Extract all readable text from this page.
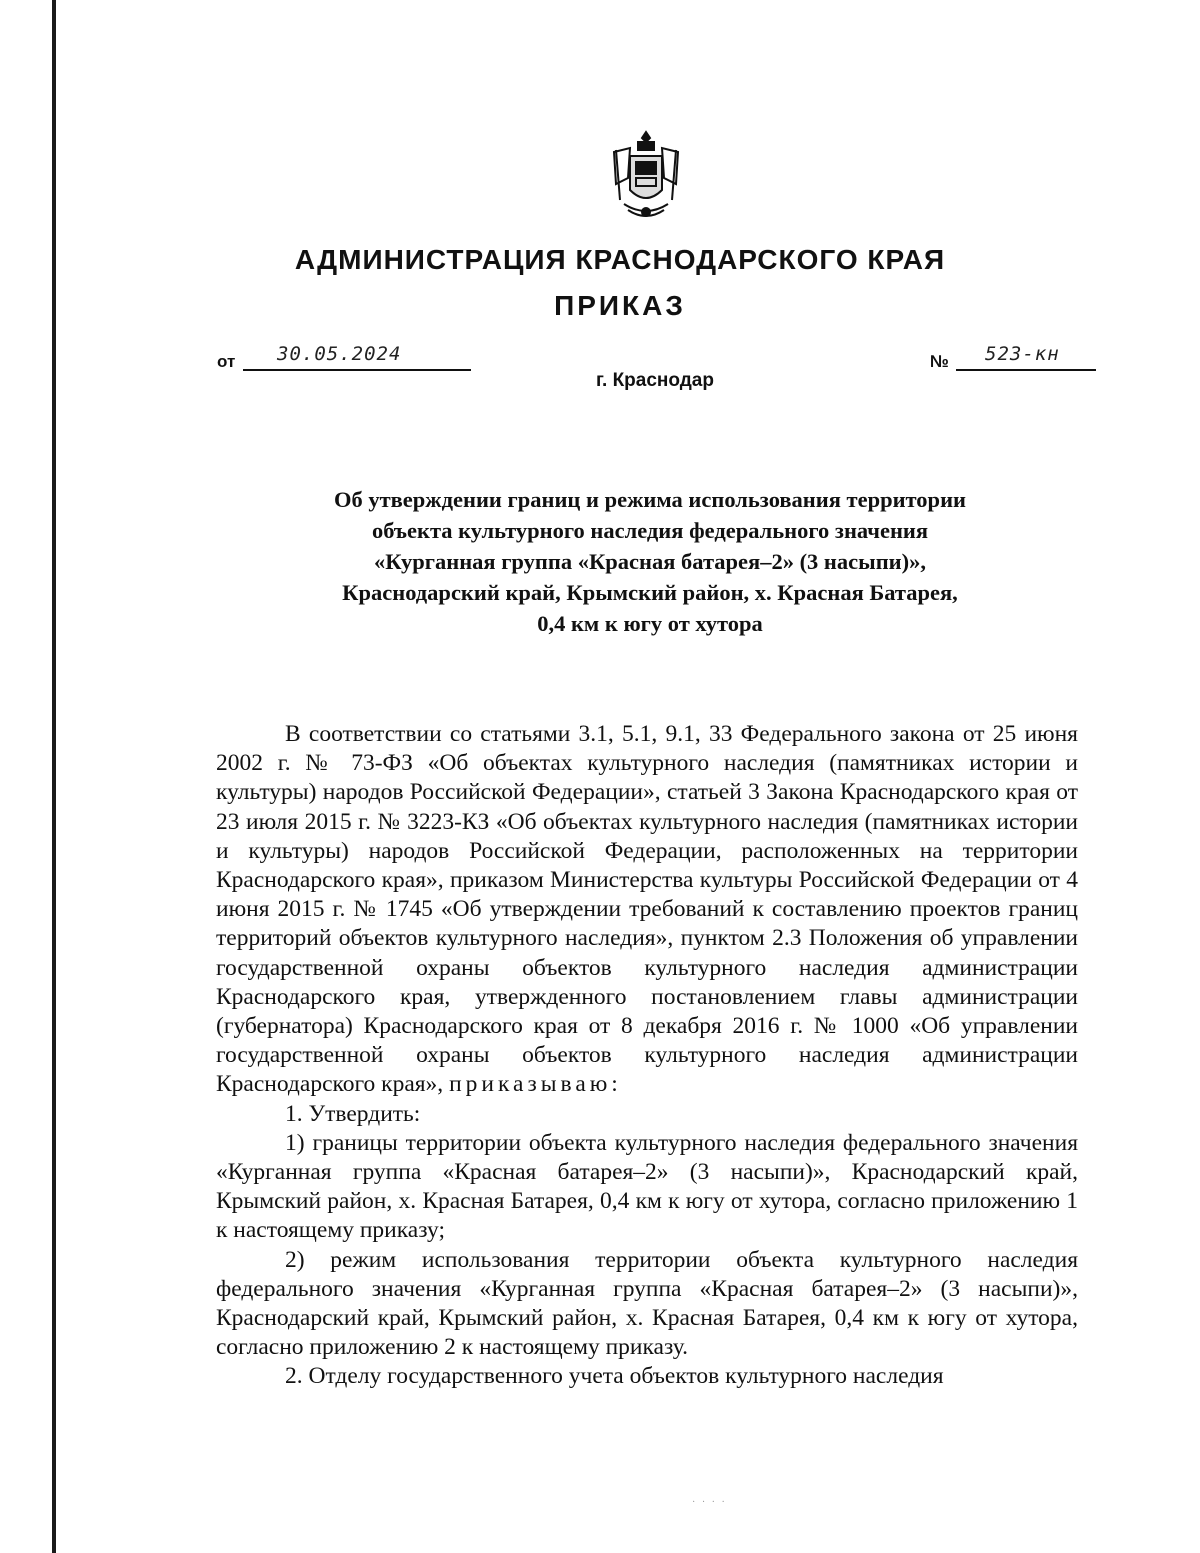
АДМИНИСТРАЦИЯ КРАСНОДАРСКОГО КРАЯ
ПРИКАЗ
от 30.05.2024	№ 523-кн
г. Краснодар
Об утверждении границ и режима использования территории
объекта культурного наследия федерального значения
«Курганная группа «Красная батарея–2» (3 насыпи)»,
Краснодарский край, Крымский район, х. Красная Батарея,
0,4 км к югу от хутора

В соответствии со статьями 3.1, 5.1, 9.1, 33 Федерального закона от 25 июня 2002 г. № 73-ФЗ «Об объектах культурного наследия (памятниках истории и культуры) народов Российской Федерации», статьей 3 Закона Краснодарского края от 23 июля 2015 г. № 3223-КЗ «Об объектах культурного наследия (памятниках истории и культуры) народов Российской Федерации, расположенных на территории Краснодарского края», приказом Министерства культуры Российской Федерации от 4 июня 2015 г. № 1745 «Об утверждении требований к составлению проектов границ территорий объектов культурного наследия», пунктом 2.3 Положения об управлении государственной охраны объектов культурного наследия администрации Краснодарского края, утвержденного постановлением главы администрации (губернатора) Краснодарского края от 8 декабря 2016 г. № 1000 «Об управлении государственной охраны объектов культурного наследия администрации Краснодарского края», приказываю:

1. Утвердить:

1) границы территории объекта культурного наследия федерального значения «Курганная группа «Красная батарея–2» (3 насыпи)», Краснодарский край, Крымский район, х. Красная Батарея, 0,4 км к югу от хутора, согласно приложению 1 к настоящему приказу;

2) режим использования территории объекта культурного наследия федерального значения «Курганная группа «Красная батарея–2» (3 насыпи)», Краснодарский край, Крымский район, х. Красная Батарея, 0,4 км к югу от хутора, согласно приложению 2 к настоящему приказу.

2. Отделу государственного учета объектов культурного наследия

· · · ·
